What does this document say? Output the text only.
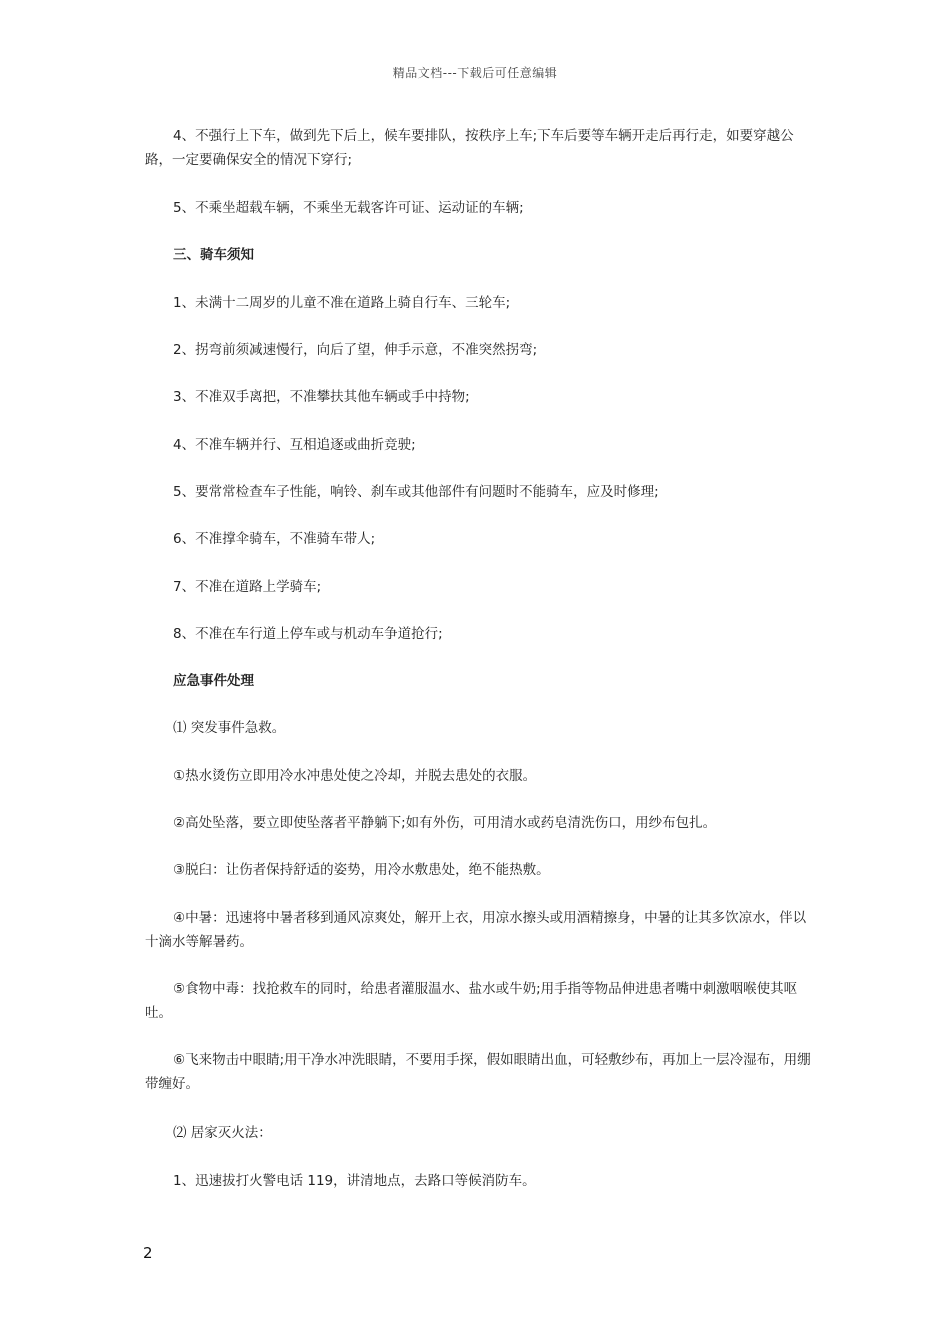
精品文档---下载后可任意编辑

4、不强行上下车，做到先下后上，候车要排队，按秩序上车;下车后要等车辆开走后再行走，如要穿越公路，一定要确保安全的情况下穿行;

5、不乘坐超载车辆，不乘坐无载客许可证、运动证的车辆;

三、骑车须知

1、未满十二周岁的儿童不准在道路上骑自行车、三轮车;

2、拐弯前须减速慢行，向后了望，伸手示意，不准突然拐弯;

3、不准双手离把，不准攀扶其他车辆或手中持物;

4、不准车辆并行、互相追逐或曲折竞驶;

5、要常常检查车子性能，响铃、刹车或其他部件有问题时不能骑车，应及时修理;

6、不准撑伞骑车，不准骑车带人;

7、不准在道路上学骑车;

8、不准在车行道上停车或与机动车争道抢行;

应急事件处理

⑴ 突发事件急救。

①热水烫伤立即用冷水冲患处使之冷却，并脱去患处的衣服。

②高处坠落，要立即使坠落者平静躺下;如有外伤，可用清水或药皂清洗伤口，用纱布包扎。

③脱臼：让伤者保持舒适的姿势，用冷水敷患处，绝不能热敷。

④中暑：迅速将中暑者移到通风凉爽处，解开上衣，用凉水擦头或用酒精擦身，中暑的让其多饮凉水，伴以十滴水等解暑药。

⑤食物中毒：找抢救车的同时，给患者灌服温水、盐水或牛奶;用手指等物品伸进患者嘴中刺激咽喉使其呕吐。

⑥飞来物击中眼睛;用干净水冲洗眼睛，不要用手探，假如眼睛出血，可轻敷纱布，再加上一层冷湿布，用绷带缠好。

⑵ 居家灭火法：

1、迅速拔打火警电话 119，讲清地点，去路口等候消防车。

2
